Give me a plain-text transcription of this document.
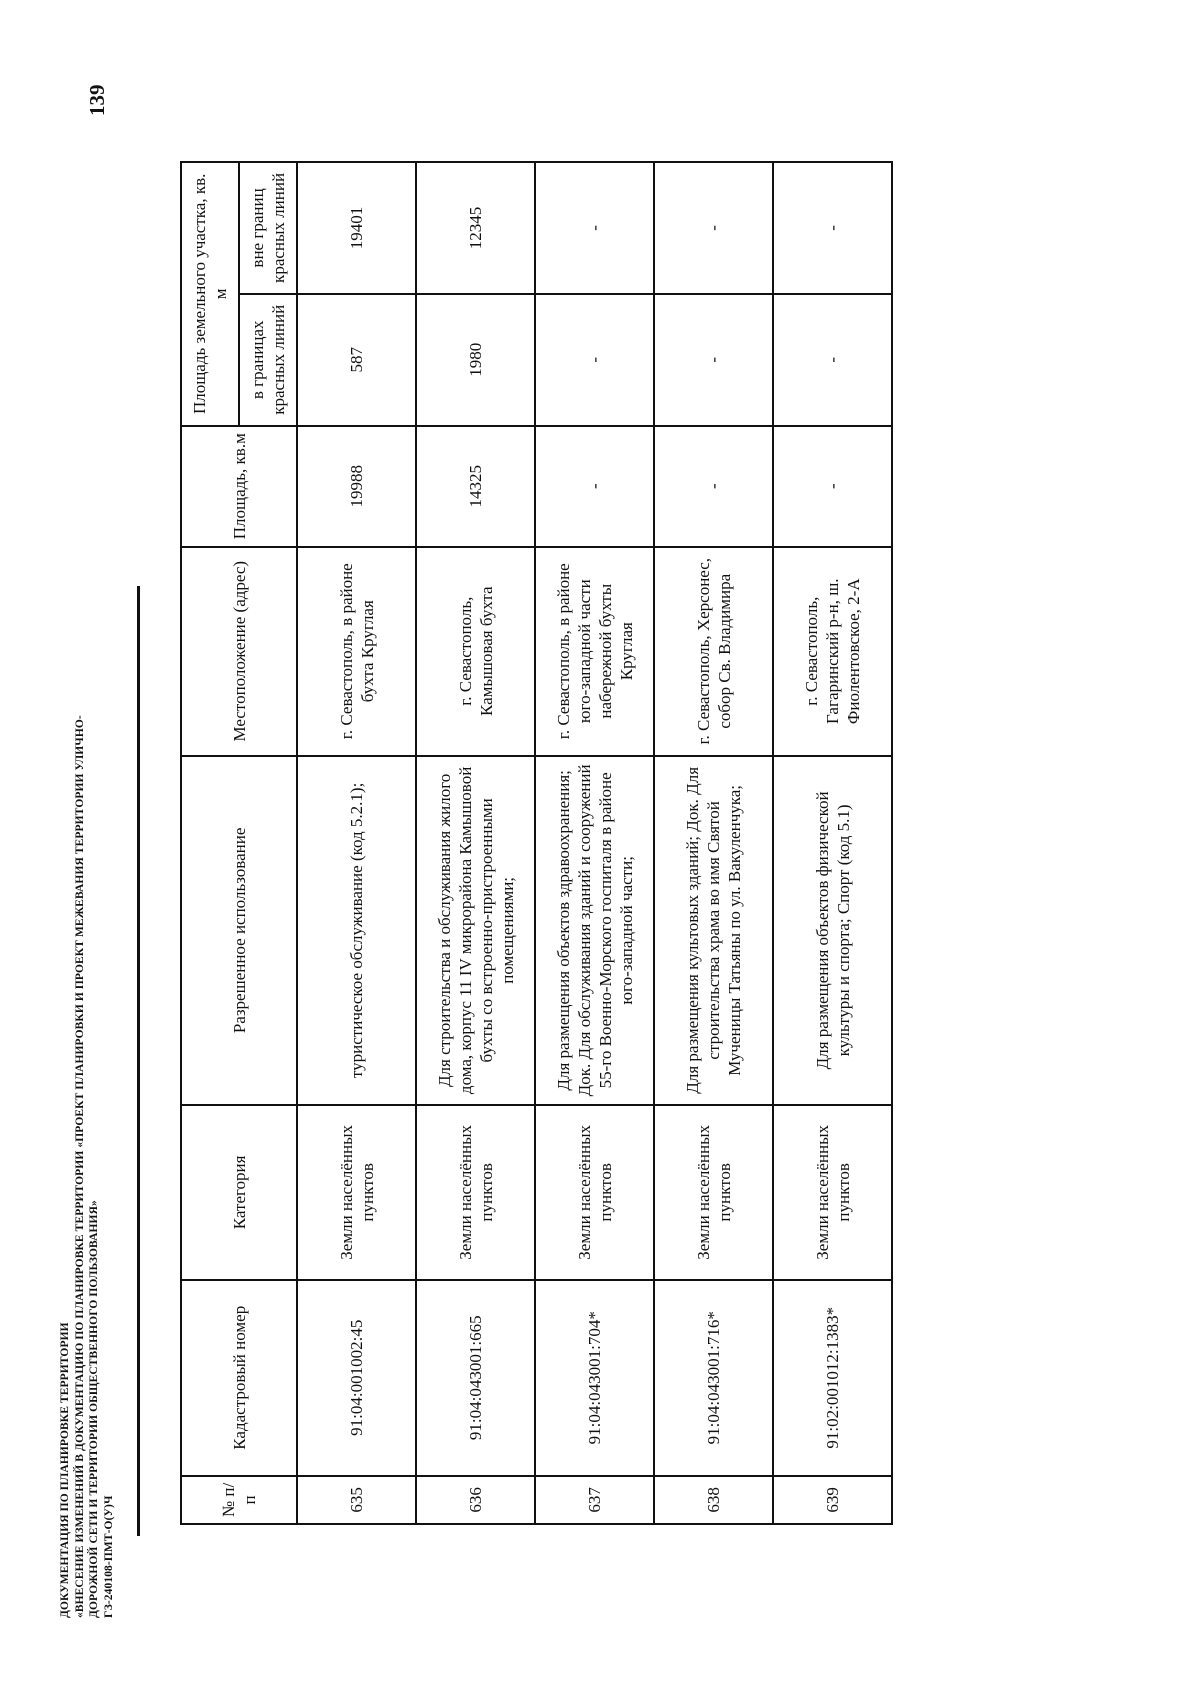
139
ДОКУМЕНТАЦИЯ ПО ПЛАНИРОВКЕ ТЕРРИТОРИИ «ВНЕСЕНИЕ ИЗМЕНЕНИЙ В ДОКУМЕНТАЦИЮ ПО ПЛАНИРОВКЕ ТЕРРИТОРИИ «ПРОЕКТ ПЛАНИРОВКИ И ПРОЕКТ МЕЖЕВАНИЯ ТЕРРИТОРИИ УЛИЧНО- ДОРОЖНОЙ СЕТИ И ТЕРРИТОРИИ ОБЩЕСТВЕННОГО ПОЛЬЗОВАНИЯ» ГЗ-240108-ПМТ-О(У)Ч	№ п/п	Кадастровый номер	Категория	Разрешенное использование	Местоположение (адрес)	Площадь, кв.м	Площадь земельного участка, кв. м	
						в границах красных линий	вне границ красных линий
635	91:04:001002:45	Земли населённых пунктов	туристическое обслуживание (код 5.2.1);	г. Севастополь, в районе бухта Круглая	19988	587	19401
636	91:04:043001:665	Земли населённых пунктов	Для строительства и обслуживания жилого дома, корпус 11 IV микрорайона Камышовой бухты со встроенно-пристроенными помещениями;	г. Севастополь, Камышовая бухта	14325	1980	12345
637	91:04:043001:704*	Земли населённых пунктов	Для размещения объектов здравоохранения; Док. Для обслуживания зданий и сооружений 55-го Военно-Морского госпиталя в районе юго-западной части;	г. Севастополь, в районе юго-западной части набережной бухты Круглая	-	-	-
638	91:04:043001:716*	Земли населённых пунктов	Для размещения культовых зданий; Док. Для строительства храма во имя Святой Мученицы Татьяны по ул. Вакуленчука;	г. Севастополь, Херсонес, собор Св. Владимира	-	-	-
639	91:02:001012:1383*	Земли населённых пунктов	Для размещения объектов физической культуры и спорта; Спорт (код 5.1)	г. Севастополь, Гагаринский р-н, ш. Фиолентовское, 2-А	-	-	-
